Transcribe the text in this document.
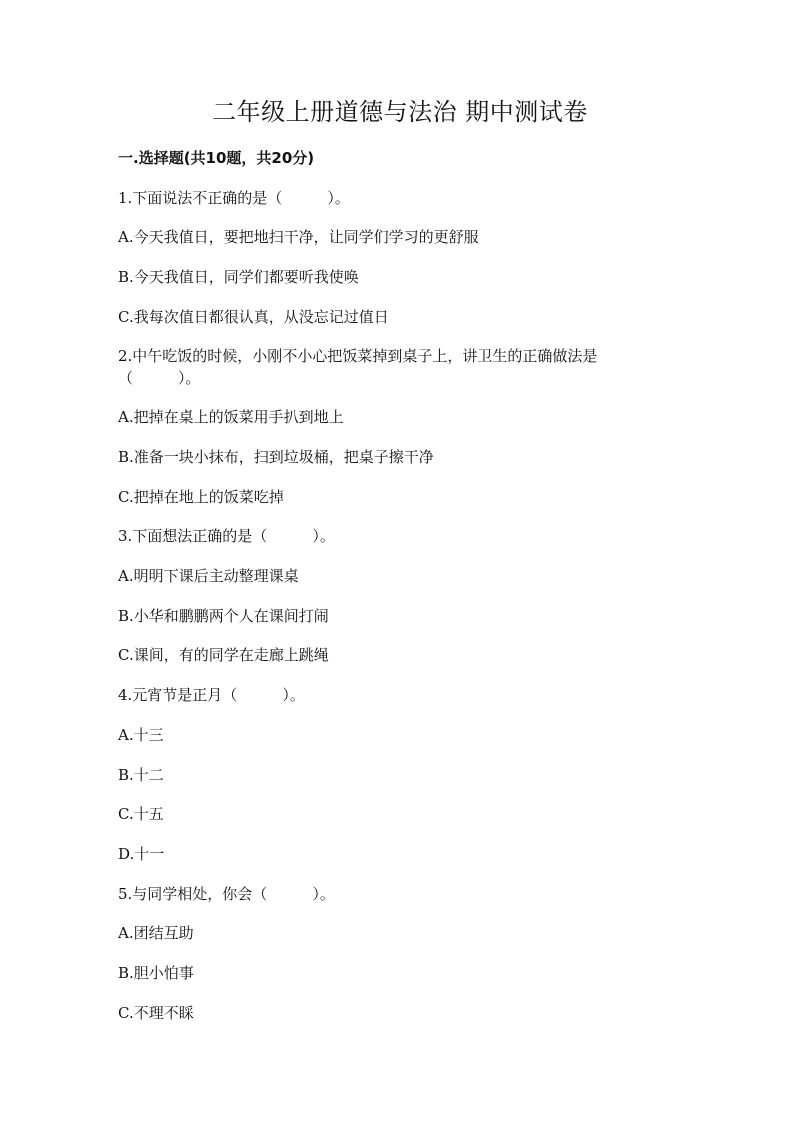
二年级上册道德与法治 期中测试卷
一.选择题(共10题，共20分)
1.下面说法不正确的是（　　　）。
A.今天我值日，要把地扫干净，让同学们学习的更舒服
B.今天我值日，同学们都要听我使唤
C.我每次值日都很认真，从没忘记过值日
2.中午吃饭的时候，小刚不小心把饭菜掉到桌子上，讲卫生的正确做法是
（　　　）。
A.把掉在桌上的饭菜用手扒到地上
B.准备一块小抹布，扫到垃圾桶，把桌子擦干净
C.把掉在地上的饭菜吃掉
3.下面想法正确的是（　　　）。
A.明明下课后主动整理课桌
B.小华和鹏鹏两个人在课间打闹
C.课间，有的同学在走廊上跳绳
4.元宵节是正月（　　　）。
A.十三
B.十二
C.十五
D.十一
5.与同学相处，你会（　　　）。
A.团结互助
B.胆小怕事
C.不理不睬
